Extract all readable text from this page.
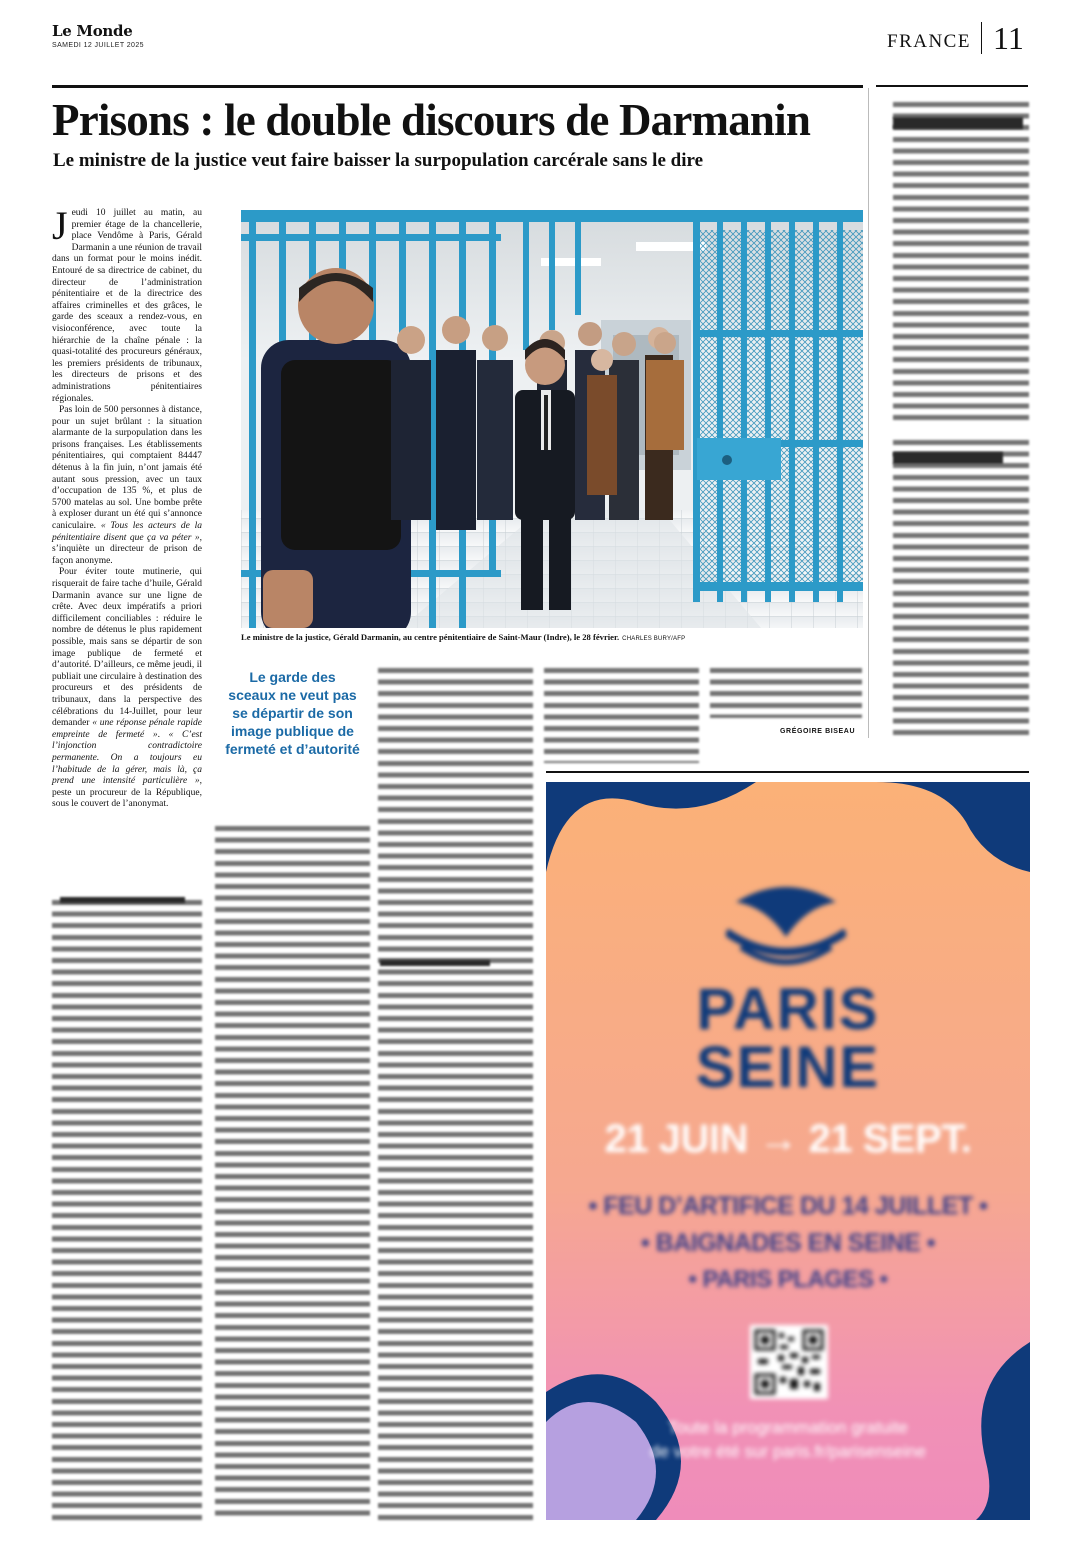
Le Monde
SAMEDI 12 JUILLET 2025	FRANCE 11
Prisons : le double discours de Darmanin
Le ministre de la justice veut faire baisser la surpopulation carcérale sans le dire

Jeudi 10 juillet au matin, au premier étage de la chancellerie, place Vendôme à Paris, Gérald Darmanin a une réunion de travail dans un format pour le moins inédit. Entouré de sa directrice de cabinet, du directeur de l’administration pénitentiaire et de la directrice des affaires criminelles et des grâces, le garde des sceaux a rendez-vous, en visioconférence, avec toute la hiérarchie de la chaîne pénale : la quasi-totalité des procureurs généraux, les premiers présidents de tribunaux, les directeurs de prisons et des administrations pénitentiaires régionales.

Pas loin de 500 personnes à distance, pour un sujet brûlant : la situation alarmante de la surpopulation dans les prisons françaises. Les établissements pénitentiaires, qui comptaient 84447 détenus à la fin juin, n’ont jamais été autant sous pression, avec un taux d’occupation de 135 %, et plus de 5700 matelas au sol. Une bombe prête à exploser durant un été qui s’annonce caniculaire. « Tous les acteurs de la pénitentiaire disent que ça va péter », s’inquiète un directeur de prison de façon anonyme.

Pour éviter toute mutinerie, qui risquerait de faire tache d’huile, Gérald Darmanin avance sur une ligne de crête. Avec deux impératifs a priori difficilement conciliables : réduire le nombre de détenus le plus rapidement possible, mais sans se départir de son image publique de fermeté et d’autorité. D’ailleurs, ce même jeudi, il publiait une circulaire à destination des procureurs et des présidents de tribunaux, dans la perspective des célébrations du 14-Juillet, pour leur demander « une réponse pénale rapide empreinte de fermeté ». « C’est l’injonction contradictoire permanente. On a toujours eu l’habitude de la gérer, mais là, ça prend une intensité particulière », peste un procureur de la République, sous le couvert de l’anonymat.

Le ministre de la justice, Gérald Darmanin, au centre pénitentiaire de Saint-Maur (Indre), le 28 février. CHARLES BURY/AFP
Le garde des sceaux ne veut pas se départir de son image publique de fermeté et d’autorité
GRÉGOIRE BISEAU
PARIS
SEINE
21 JUIN → 21 SEPT.
• FEU D’ARTIFICE DU 14 JUILLET •
• BAIGNADES EN SEINE •
• PARIS PLAGES •
Toute la programmation gratuite
de votre été sur paris.fr/parisenseine
